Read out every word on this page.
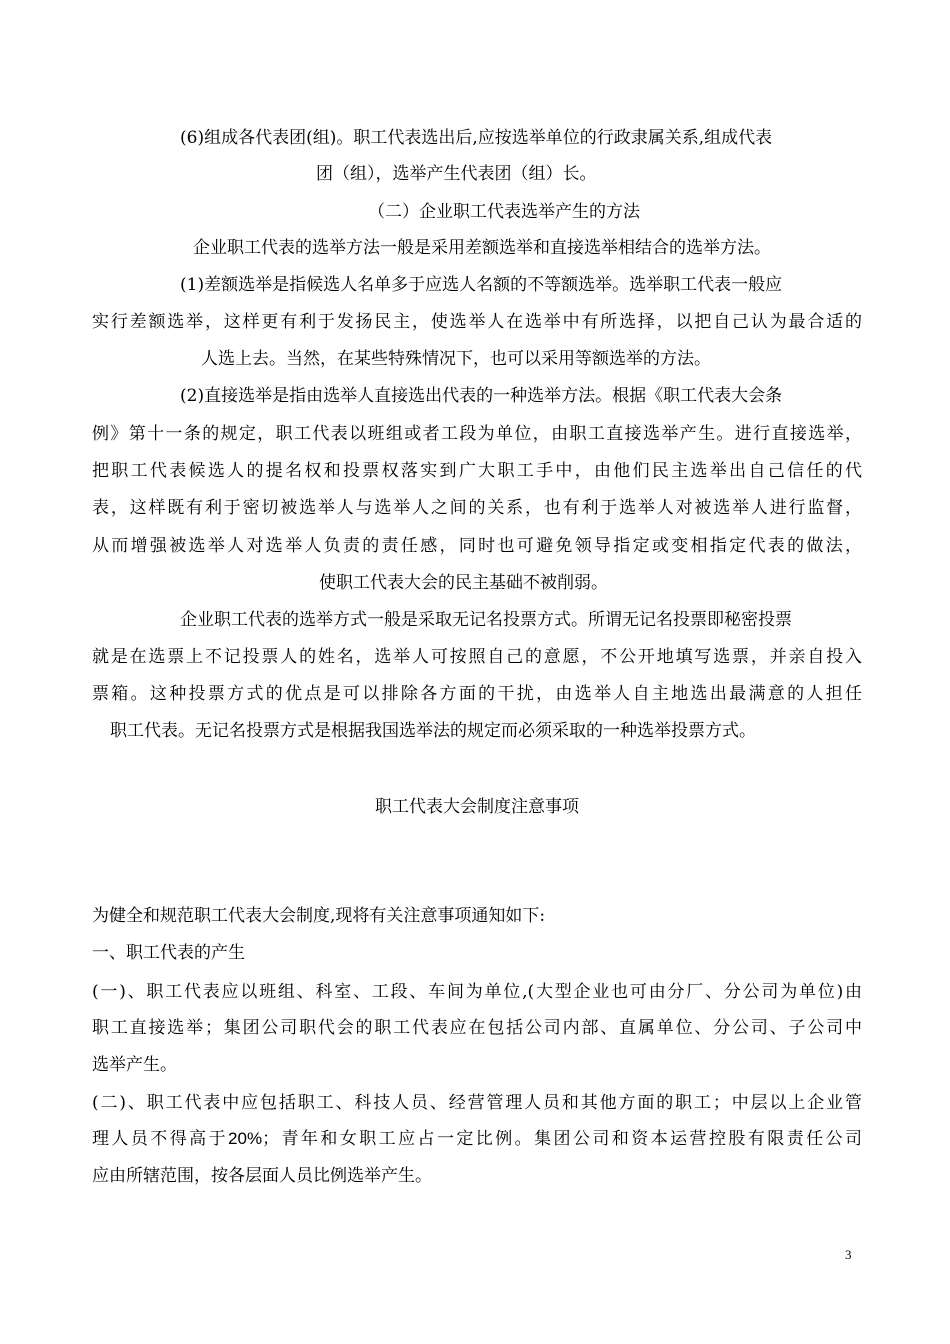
(6)组成各代表团(组)。职工代表选出后,应按选举单位的行政隶属关系,组成代表
团（组），选举产生代表团（组）长。
（二）企业职工代表选举产生的方法
企业职工代表的选举方法一般是采用差额选举和直接选举相结合的选举方法。
(1)差额选举是指候选人名单多于应选人名额的不等额选举。选举职工代表一般应
实行差额选举，这样更有利于发扬民主，使选举人在选举中有所选择，以把自己认为最合适的
人选上去。当然，在某些特殊情况下，也可以采用等额选举的方法。
(2)直接选举是指由选举人直接选出代表的一种选举方法。根据《职工代表大会条
例》第十一条的规定，职工代表以班组或者工段为单位，由职工直接选举产生。进行直接选举，
把职工代表候选人的提名权和投票权落实到广大职工手中，由他们民主选举出自己信任的代
表，这样既有利于密切被选举人与选举人之间的关系，也有利于选举人对被选举人进行监督，
从而增强被选举人对选举人负责的责任感，同时也可避免领导指定或变相指定代表的做法，
使职工代表大会的民主基础不被削弱。
企业职工代表的选举方式一般是采取无记名投票方式。所谓无记名投票即秘密投票
就是在选票上不记投票人的姓名，选举人可按照自己的意愿，不公开地填写选票，并亲自投入
票箱。这种投票方式的优点是可以排除各方面的干扰，由选举人自主地选出最满意的人担任
职工代表。无记名投票方式是根据我国选举法的规定而必须采取的一种选举投票方式。
职工代表大会制度注意事项
为健全和规范职工代表大会制度,现将有关注意事项通知如下:
一、职工代表的产生
(一)、职工代表应以班组、科室、工段、车间为单位,(大型企业也可由分厂、分公司为单位)由
职工直接选举；集团公司职代会的职工代表应在包括公司内部、直属单位、分公司、子公司中
选举产生。
(二)、职工代表中应包括职工、科技人员、经营管理人员和其他方面的职工；中层以上企业管
理人员不得高于20%；青年和女职工应占一定比例。集团公司和资本运营控股有限责任公司
应由所辖范围，按各层面人员比例选举产生。
3
